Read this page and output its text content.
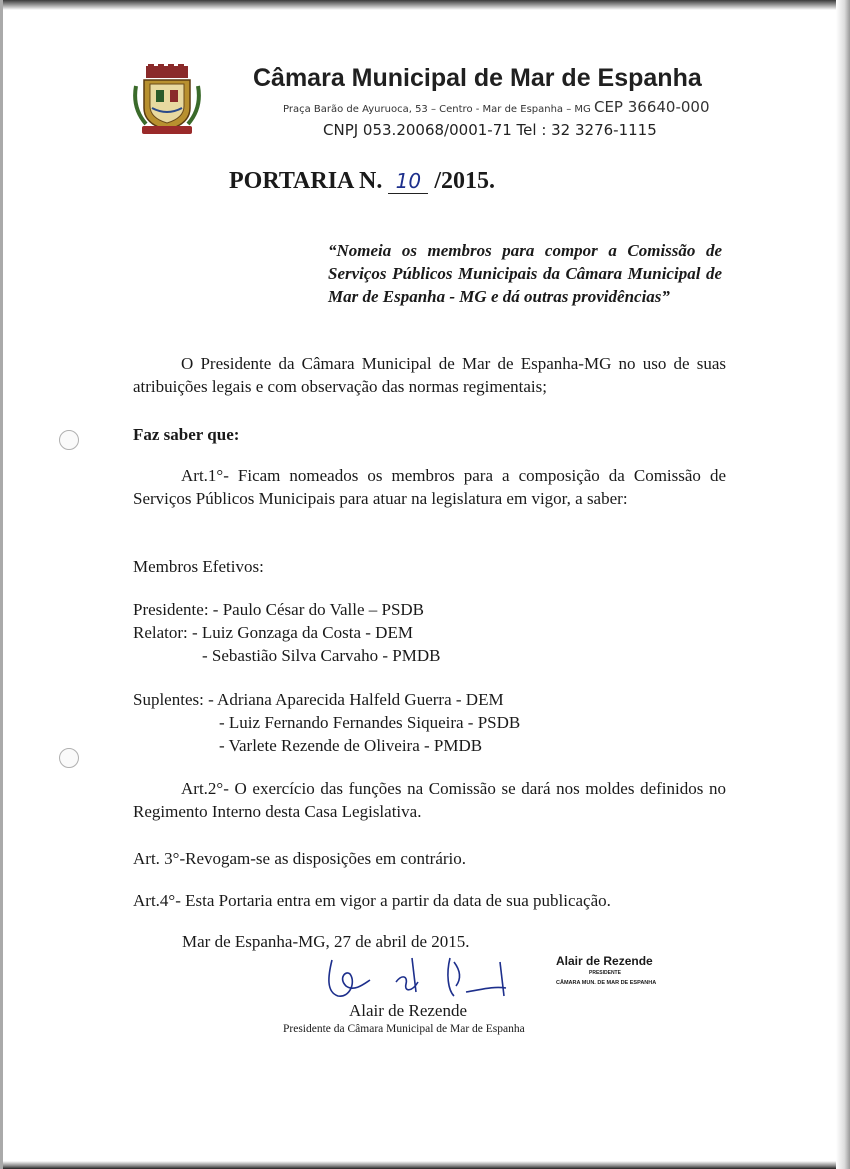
Câmara Municipal de Mar de Espanha
Praça Barão de Ayuruoca, 53 – Centro - Mar de Espanha – MG CEP 36640-000
CNPJ 053.20068/0001-71 Tel : 32 3276-1115
PORTARIA N. 10 /2015.
“Nomeia os membros para compor a Comissão de Serviços Públicos Municipais da Câmara Municipal de Mar de Espanha - MG e dá outras providências”
O Presidente da Câmara Municipal de Mar de Espanha-MG no uso de suas atribuições legais e com observação das normas regimentais;
Faz saber que:
Art.1°- Ficam nomeados os membros para a composição da Comissão de Serviços Públicos Municipais para atuar na legislatura em vigor, a saber:
Membros Efetivos:
Presidente: - Paulo César do Valle – PSDB
Relator: - Luiz Gonzaga da Costa - DEM
- Sebastião Silva Carvaho - PMDB
Suplentes: - Adriana Aparecida Halfeld Guerra - DEM
- Luiz Fernando Fernandes Siqueira - PSDB
- Varlete Rezende de Oliveira - PMDB
Art.2°- O exercício das funções na Comissão se dará nos moldes definidos no Regimento Interno desta Casa Legislativa.
Art. 3°-Revogam-se as disposições em contrário.
Art.4°- Esta Portaria entra em vigor a partir da data de sua publicação.
Mar de Espanha-MG, 27 de abril de 2015.
Alair de Rezende
Presidente da Câmara Municipal de Mar de Espanha
Alair de Rezende
PRESIDENTE
CÂMARA MUN. DE MAR DE ESPANHA
